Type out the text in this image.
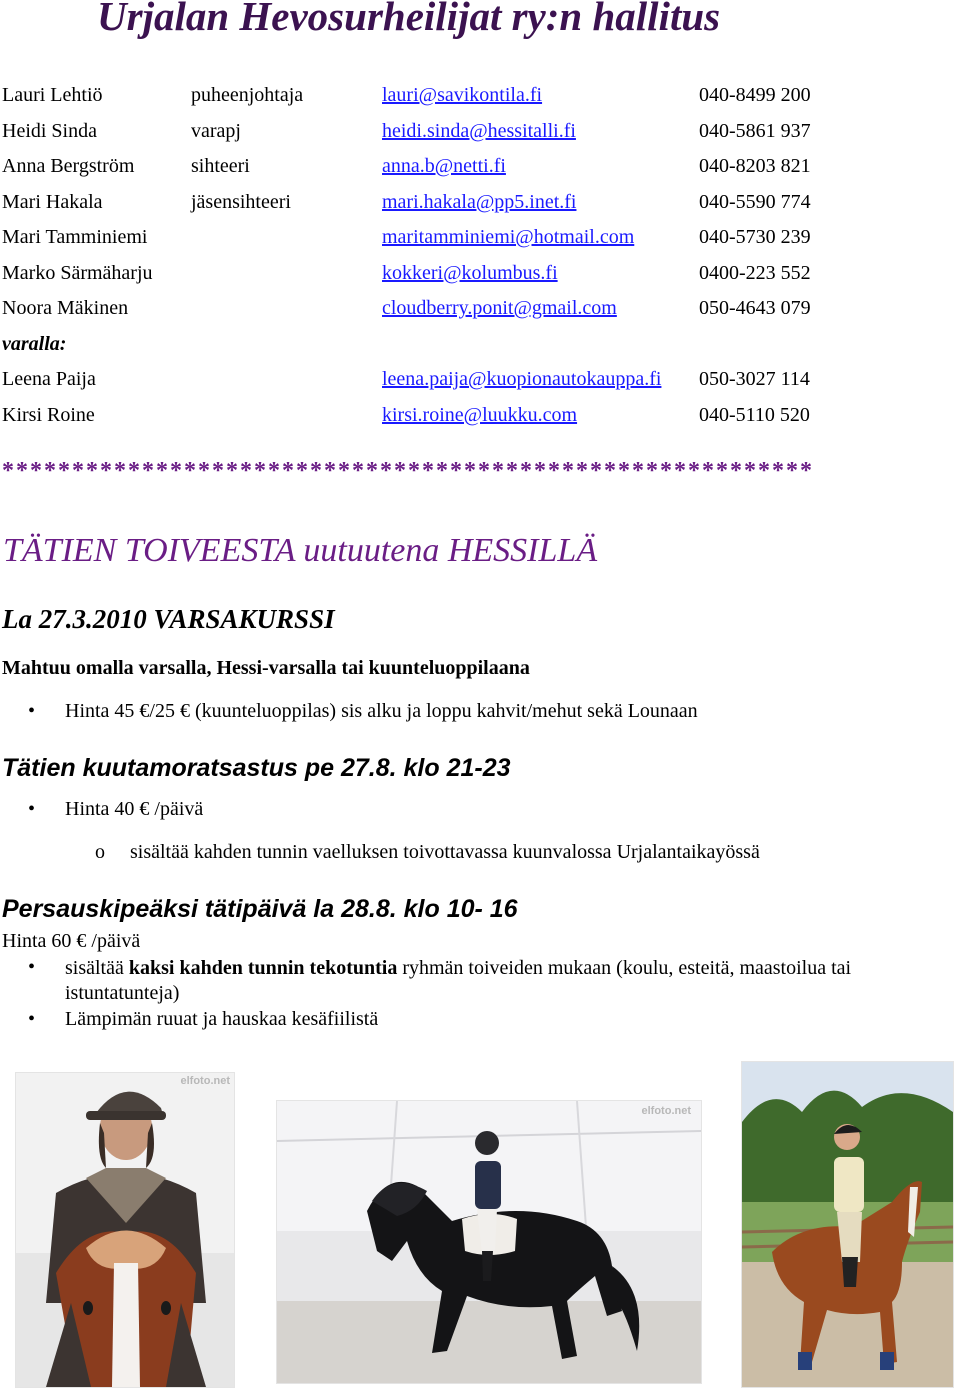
Urjalan Hevosurheilijat ry:n hallitus
Lauri Lehtiö	puheenjohtaja	lauri@savikontila.fi	040-8499 200
Heidi Sinda	varapj	heidi.sinda@hessitalli.fi	040-5861 937
Anna Bergström	sihteeri	anna.b@netti.fi	040-8203 821
Mari Hakala	jäsensihteeri	mari.hakala@pp5.inet.fi	040-5590 774
Mari Tamminiemi	maritamminiemi@hotmail.com	040-5730 239
Marko Särmäharju	kokkeri@kolumbus.fi	0400-223 552
Noora Mäkinen	cloudberry.ponit@gmail.com	050-4643 079
varalla:
Leena Paija	leena.paija@kuopionautokauppa.fi 050-3027 114
Kirsi Roine	kirsi.roine@luukku.com	040-5110 520
**********************************************************
TÄTIEN TOIVEESTA uutuutena HESSILLÄ
La 27.3.2010 VARSAKURSSI
Mahtuu omalla varsalla, Hessi-varsalla tai kuunteluoppilaana
• Hinta 45 €/25 € (kuunteluoppilas) sis alku ja loppu kahvit/mehut sekä Lounaan
Tätien kuutamoratsastus pe 27.8. klo 21-23
• Hinta 40 € /päivä
o sisältää kahden tunnin vaelluksen toivottavassa kuunvalossa Urjalantaikayössä
Persauskipeäksi tätipäivä la 28.8. klo 10- 16
Hinta 60 € /päivä
• sisältää kaksi kahden tunnin tekotuntia ryhmän toiveiden mukaan (koulu, esteitä, maastoilua tai istuntatunteja)
• Lämpimän ruuat ja hauskaa kesäfiilistä
elfoto.net
elfoto.net
